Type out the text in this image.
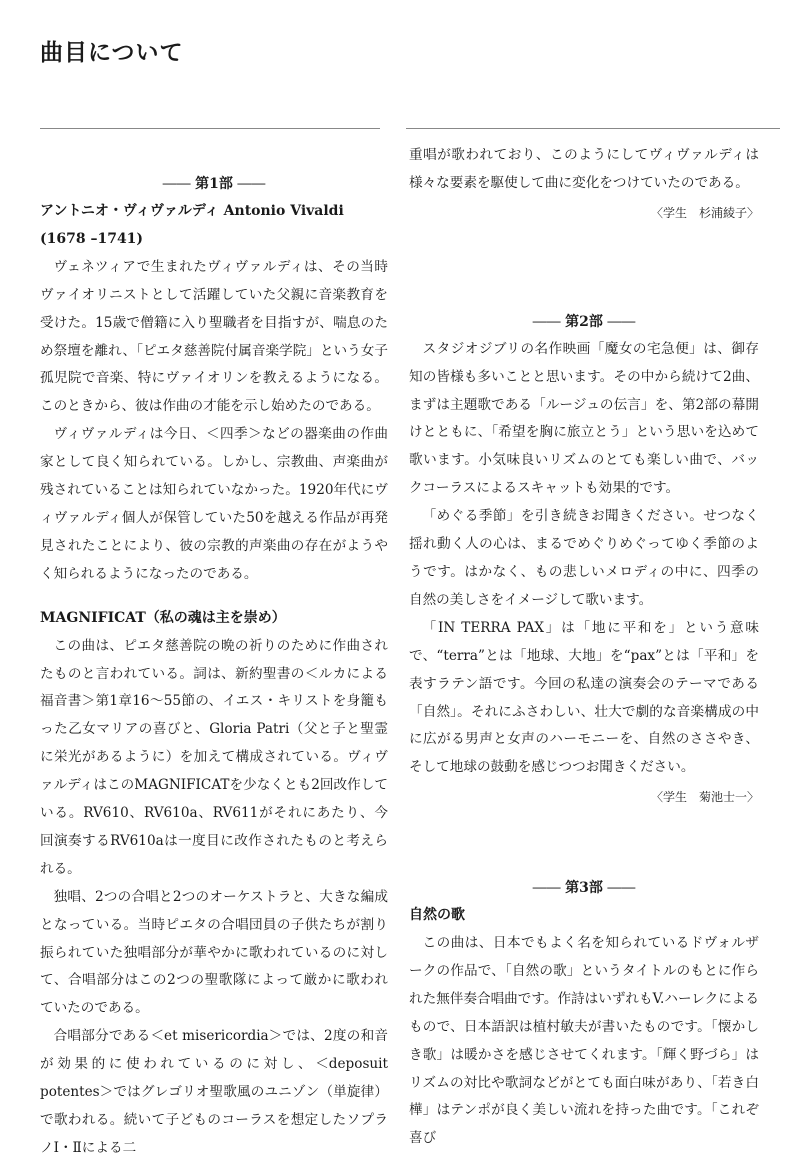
曲目について
―― 第1部 ――
アントニオ・ヴィヴァルディ Antonio Vivaldi (1678 –1741)

ヴェネツィアで生まれたヴィヴァルディは、その当時ヴァイオリニストとして活躍していた父親に音楽教育を受けた。15歳で僧籍に入り聖職者を目指すが、喘息のため祭壇を離れ、「ピエタ慈善院付属音楽学院」という女子孤児院で音楽、特にヴァイオリンを教えるようになる。このときから、彼は作曲の才能を示し始めたのである。

ヴィヴァルディは今日、＜四季＞などの器楽曲の作曲家として良く知られている。しかし、宗教曲、声楽曲が残されていることは知られていなかった。1920年代にヴィヴァルディ個人が保管していた50を越える作品が再発見されたことにより、彼の宗教的声楽曲の存在がようやく知られるようになったのである。

MAGNIFICAT（私の魂は主を崇め）

この曲は、ピエタ慈善院の晩の祈りのために作曲されたものと言われている。詞は、新約聖書の＜ルカによる福音書＞第1章16～55節の、イエス・キリストを身籠もった乙女マリアの喜びと、Gloria Patri（父と子と聖霊に栄光があるように）を加えて構成されている。ヴィヴァルディはこのMAGNIFICATを少なくとも2回改作している。RV610、RV610a、RV611がそれにあたり、今回演奏するRV610aは一度目に改作されたものと考えられる。

独唱、2つの合唱と2つのオーケストラと、大きな編成となっている。当時ピエタの合唱団員の子供たちが割り振られていた独唱部分が華やかに歌われているのに対して、合唱部分はこの2つの聖歌隊によって厳かに歌われていたのである。

合唱部分である＜et misericordia＞では、2度の和音が効果的に使われているのに対し、＜deposuit potentes＞ではグレゴリオ聖歌風のユニゾン（単旋律）で歌われる。続いて子どものコーラスを想定したソプラノⅠ・Ⅱによる二

重唱が歌われており、このようにしてヴィヴァルディは様々な要素を駆使して曲に変化をつけていたのである。

〈学生　杉浦綾子〉
―― 第2部 ――

スタジオジブリの名作映画「魔女の宅急便」は、御存知の皆様も多いことと思います。その中から続けて2曲、まずは主題歌である「ルージュの伝言」を、第2部の幕開けとともに、「希望を胸に旅立とう」という思いを込めて歌います。小気味良いリズムのとても楽しい曲で、バックコーラスによるスキャットも効果的です。

「めぐる季節」を引き続きお聞きください。せつなく揺れ動く人の心は、まるでめぐりめぐってゆく季節のようです。はかなく、もの悲しいメロディの中に、四季の自然の美しさをイメージして歌います。

「IN TERRA PAX」は「地に平和を」という意味で、“terra”とは「地球、大地」を“pax”とは「平和」を表すラテン語です。今回の私達の演奏会のテーマである「自然」。それにふさわしい、壮大で劇的な音楽構成の中に広がる男声と女声のハーモニーを、自然のささやき、そして地球の鼓動を感じつつお聞きください。

〈学生　菊池士一〉
―― 第3部 ――
自然の歌

この曲は、日本でもよく名を知られているドヴォルザークの作品で、「自然の歌」というタイトルのもとに作られた無伴奏合唱曲です。作詩はいずれもV.ハーレクによるもので、日本語訳は植村敏夫が書いたものです。「懐かしき歌」は暖かさを感じさせてくれます。「輝く野づら」はリズムの対比や歌詞などがとても面白味があり、「若き白樺」はテンポが良く美しい流れを持った曲です。「これぞ喜び
